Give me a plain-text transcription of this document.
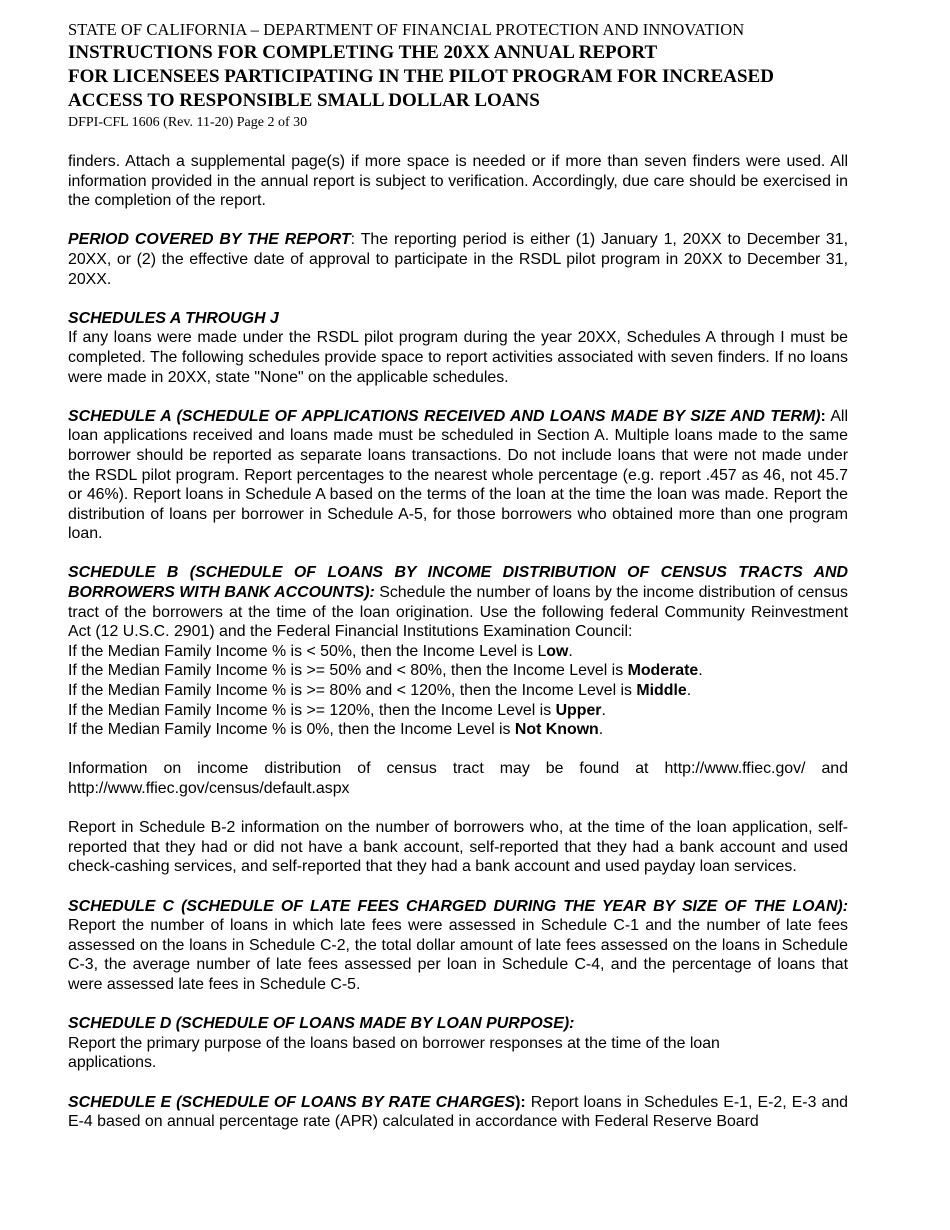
STATE OF CALIFORNIA – DEPARTMENT OF FINANCIAL PROTECTION AND INNOVATION
INSTRUCTIONS FOR COMPLETING THE 20XX ANNUAL REPORT
FOR LICENSEES PARTICIPATING IN THE PILOT PROGRAM FOR INCREASED
ACCESS TO RESPONSIBLE SMALL DOLLAR LOANS
DFPI-CFL 1606 (Rev. 11-20) Page 2 of 30

finders. Attach a supplemental page(s) if more space is needed or if more than seven finders were used. All information provided in the annual report is subject to verification. Accordingly, due care should be exercised in the completion of the report.

PERIOD COVERED BY THE REPORT: The reporting period is either (1) January 1, 20XX to December 31, 20XX, or (2) the effective date of approval to participate in the RSDL pilot program in 20XX to December 31, 20XX.

SCHEDULES A THROUGH J

If any loans were made under the RSDL pilot program during the year 20XX, Schedules A through I must be completed. The following schedules provide space to report activities associated with seven finders. If no loans were made in 20XX, state "None" on the applicable schedules.

SCHEDULE A (SCHEDULE OF APPLICATIONS RECEIVED AND LOANS MADE BY SIZE AND TERM): All loan applications received and loans made must be scheduled in Section A. Multiple loans made to the same borrower should be reported as separate loans transactions. Do not include loans that were not made under the RSDL pilot program. Report percentages to the nearest whole percentage (e.g. report .457 as 46, not 45.7 or 46%). Report loans in Schedule A based on the terms of the loan at the time the loan was made. Report the distribution of loans per borrower in Schedule A-5, for those borrowers who obtained more than one program loan.

SCHEDULE B (SCHEDULE OF LOANS BY INCOME DISTRIBUTION OF CENSUS TRACTS AND BORROWERS WITH BANK ACCOUNTS): Schedule the number of loans by the income distribution of census tract of the borrowers at the time of the loan origination. Use the following federal Community Reinvestment Act (12 U.S.C. 2901) and the Federal Financial Institutions Examination Council:

If the Median Family Income % is < 50%, then the Income Level is Low.
If the Median Family Income % is >= 50% and < 80%, then the Income Level is Moderate.
If the Median Family Income % is >= 80% and < 120%, then the Income Level is Middle.
If the Median Family Income % is >= 120%, then the Income Level is Upper.
If the Median Family Income % is 0%, then the Income Level is Not Known.

Information on income distribution of census tract may be found at http://www.ffiec.gov/ and http://www.ffiec.gov/census/default.aspx

Report in Schedule B-2 information on the number of borrowers who, at the time of the loan application, self- reported that they had or did not have a bank account, self-reported that they had a bank account and used check-cashing services, and self-reported that they had a bank account and used payday loan services.

SCHEDULE C (SCHEDULE OF LATE FEES CHARGED DURING THE YEAR BY SIZE OF THE LOAN): Report the number of loans in which late fees were assessed in Schedule C-1 and the number of late fees assessed on the loans in Schedule C-2, the total dollar amount of late fees assessed on the loans in Schedule C-3, the average number of late fees assessed per loan in Schedule C-4, and the percentage of loans that were assessed late fees in Schedule C-5.

SCHEDULE D (SCHEDULE OF LOANS MADE BY LOAN PURPOSE):

Report the primary purpose of the loans based on borrower responses at the time of the loan applications.

SCHEDULE E (SCHEDULE OF LOANS BY RATE CHARGES): Report loans in Schedules E-1, E-2, E-3 and E-4 based on annual percentage rate (APR) calculated in accordance with Federal Reserve Board
